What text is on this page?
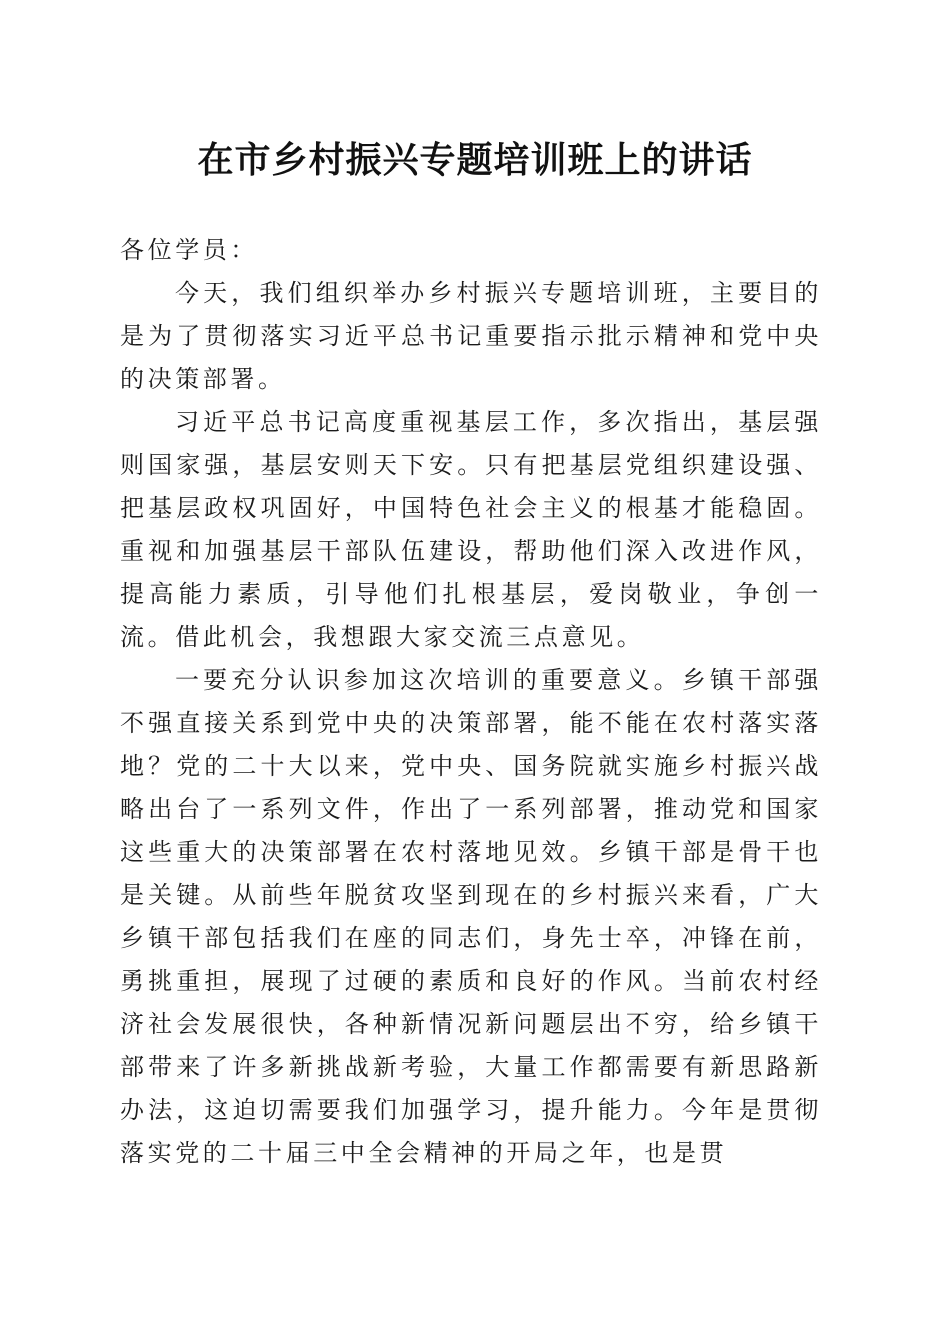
在市乡村振兴专题培训班上的讲话

各位学员：

今天，我们组织举办乡村振兴专题培训班，主要目的是为了贯彻落实习近平总书记重要指示批示精神和党中央的决策部署。

习近平总书记高度重视基层工作，多次指出，基层强则国家强，基层安则天下安。只有把基层党组织建设强、把基层政权巩固好，中国特色社会主义的根基才能稳固。重视和加强基层干部队伍建设，帮助他们深入改进作风，提高能力素质，引导他们扎根基层，爱岗敬业，争创一流。借此机会，我想跟大家交流三点意见。

一要充分认识参加这次培训的重要意义。乡镇干部强不强直接关系到党中央的决策部署，能不能在农村落实落地？党的二十大以来，党中央、国务院就实施乡村振兴战略出台了一系列文件，作出了一系列部署，推动党和国家这些重大的决策部署在农村落地见效。乡镇干部是骨干也是关键。从前些年脱贫攻坚到现在的乡村振兴来看，广大乡镇干部包括我们在座的同志们，身先士卒，冲锋在前，勇挑重担，展现了过硬的素质和良好的作风。当前农村经济社会发展很快，各种新情况新问题层出不穷，给乡镇干部带来了许多新挑战新考验，大量工作都需要有新思路新办法，这迫切需要我们加强学习，提升能力。今年是贯彻落实党的二十届三中全会精神的开局之年，也是贯
